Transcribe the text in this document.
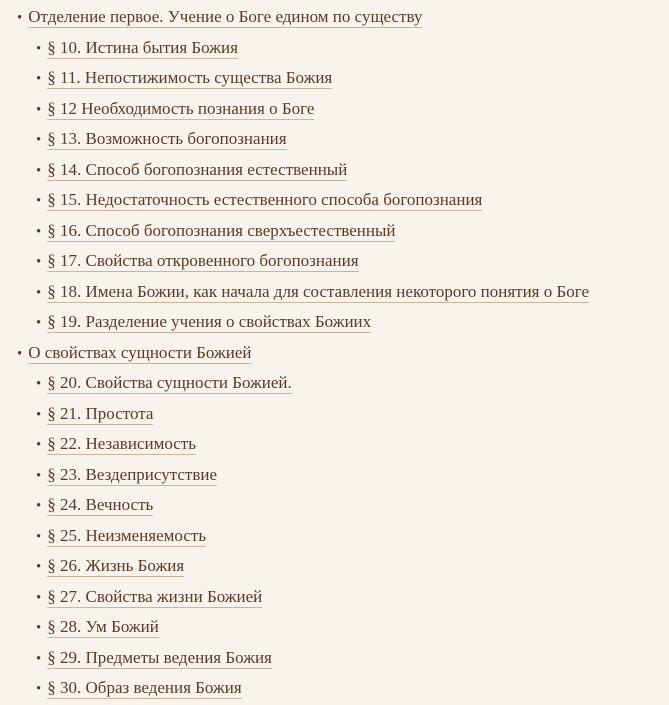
• Отделение первое. Учение о Боге едином по существу
• § 10. Истина бытия Божия
• § 11. Непостижимость существа Божия
• § 12 Необходимость познания о Боге
• § 13. Возможность богопознания
• § 14. Способ богопознания естественный
• § 15. Недостаточность естественного способа богопознания
• § 16. Способ богопознания сверхъестественный
• § 17. Свойства откровенного богопознания
• § 18. Имена Божии, как начала для составления некоторого понятия о Боге
• § 19. Разделение учения о свойствах Божиих
• О свойствах сущности Божией
• § 20. Свойства сущности Божией.
• § 21. Простота
• § 22. Независимость
• § 23. Вездеприсутствие
• § 24. Вечность
• § 25. Неизменяемость
• § 26. Жизнь Божия
• § 27. Свойства жизни Божией
• § 28. Ум Божий
• § 29. Предметы ведения Божия
• § 30. Образ ведения Божия
